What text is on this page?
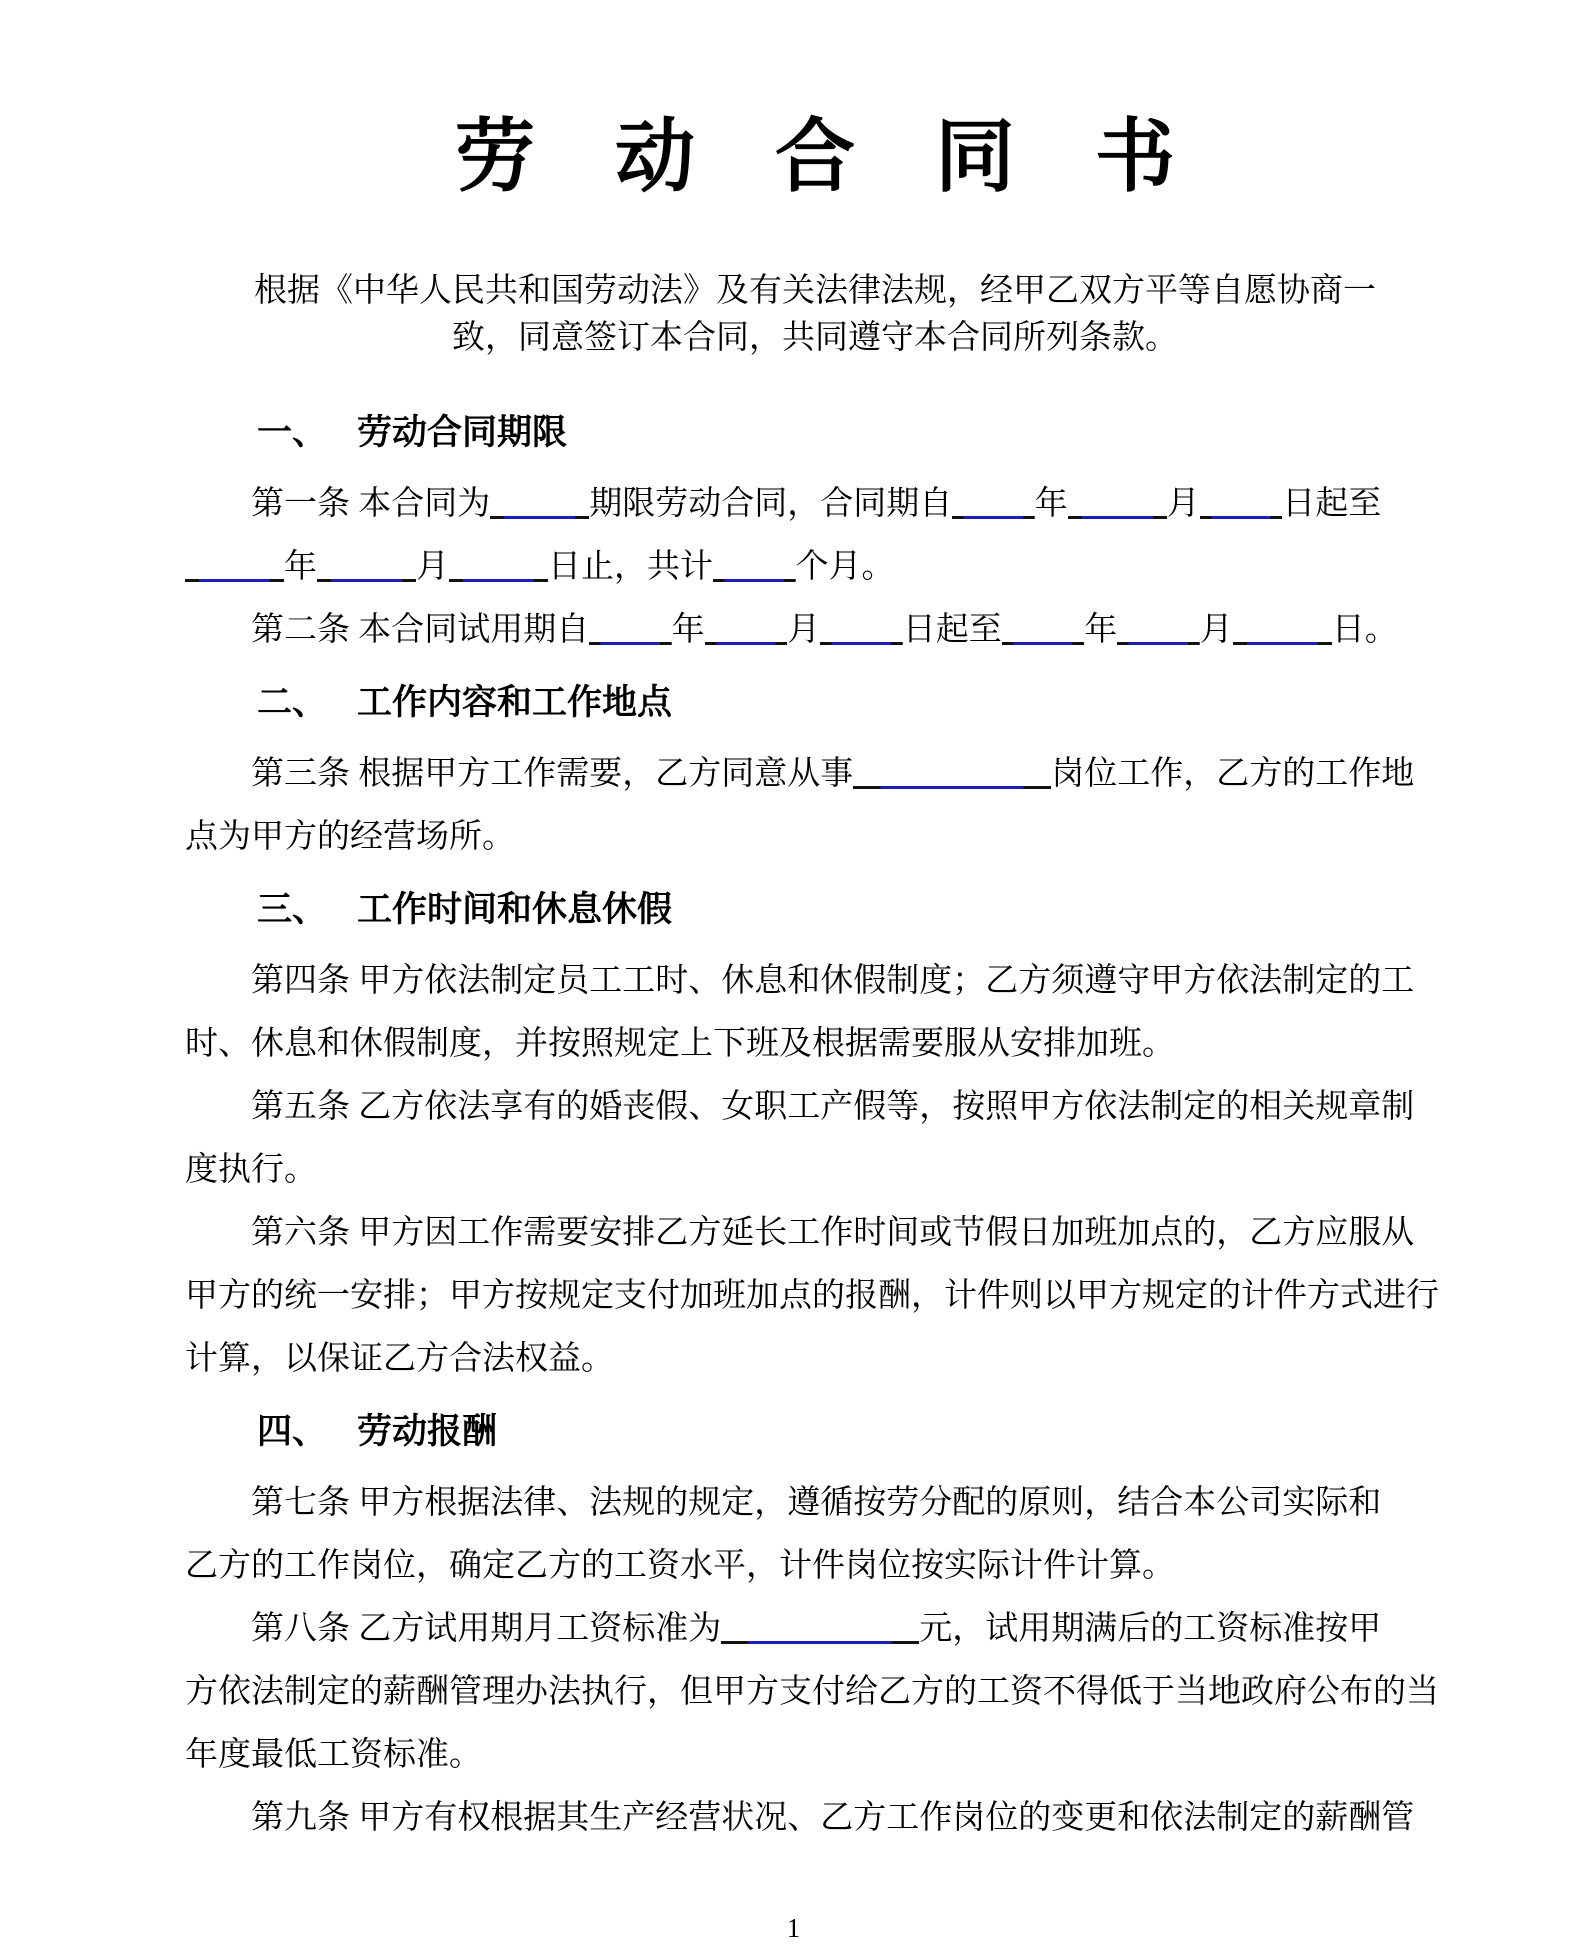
劳动合同书
根据《中华人民共和国劳动法》及有关法律法规，经甲乙双方平等自愿协商一
致，同意签订本合同，共同遵守本合同所列条款。
一、 劳动合同期限
第一条 本合同为	期限劳动合同，合同期自	年	月	日起至
年	月	日止，共计	个月。
第二条 本合同试用期自	年	月	日起至	年	月	日。
二、 工作内容和工作地点
第三条 根据甲方工作需要，乙方同意从事	岗位工作，乙方的工作地
点为甲方的经营场所。
三、 工作时间和休息休假
第四条 甲方依法制定员工工时、休息和休假制度；乙方须遵守甲方依法制定的工
时、休息和休假制度，并按照规定上下班及根据需要服从安排加班。
第五条 乙方依法享有的婚丧假、女职工产假等，按照甲方依法制定的相关规章制
度执行。
第六条 甲方因工作需要安排乙方延长工作时间或节假日加班加点的，乙方应服从
甲方的统一安排；甲方按规定支付加班加点的报酬，计件则以甲方规定的计件方式进行
计算，以保证乙方合法权益。
四、 劳动报酬
第七条 甲方根据法律、法规的规定，遵循按劳分配的原则，结合本公司实际和
乙方的工作岗位，确定乙方的工资水平，计件岗位按实际计件计算。
第八条 乙方试用期月工资标准为	元，试用期满后的工资标准按甲
方依法制定的薪酬管理办法执行，但甲方支付给乙方的工资不得低于当地政府公布的当
年度最低工资标准。
第九条 甲方有权根据其生产经营状况、乙方工作岗位的变更和依法制定的薪酬管
1
